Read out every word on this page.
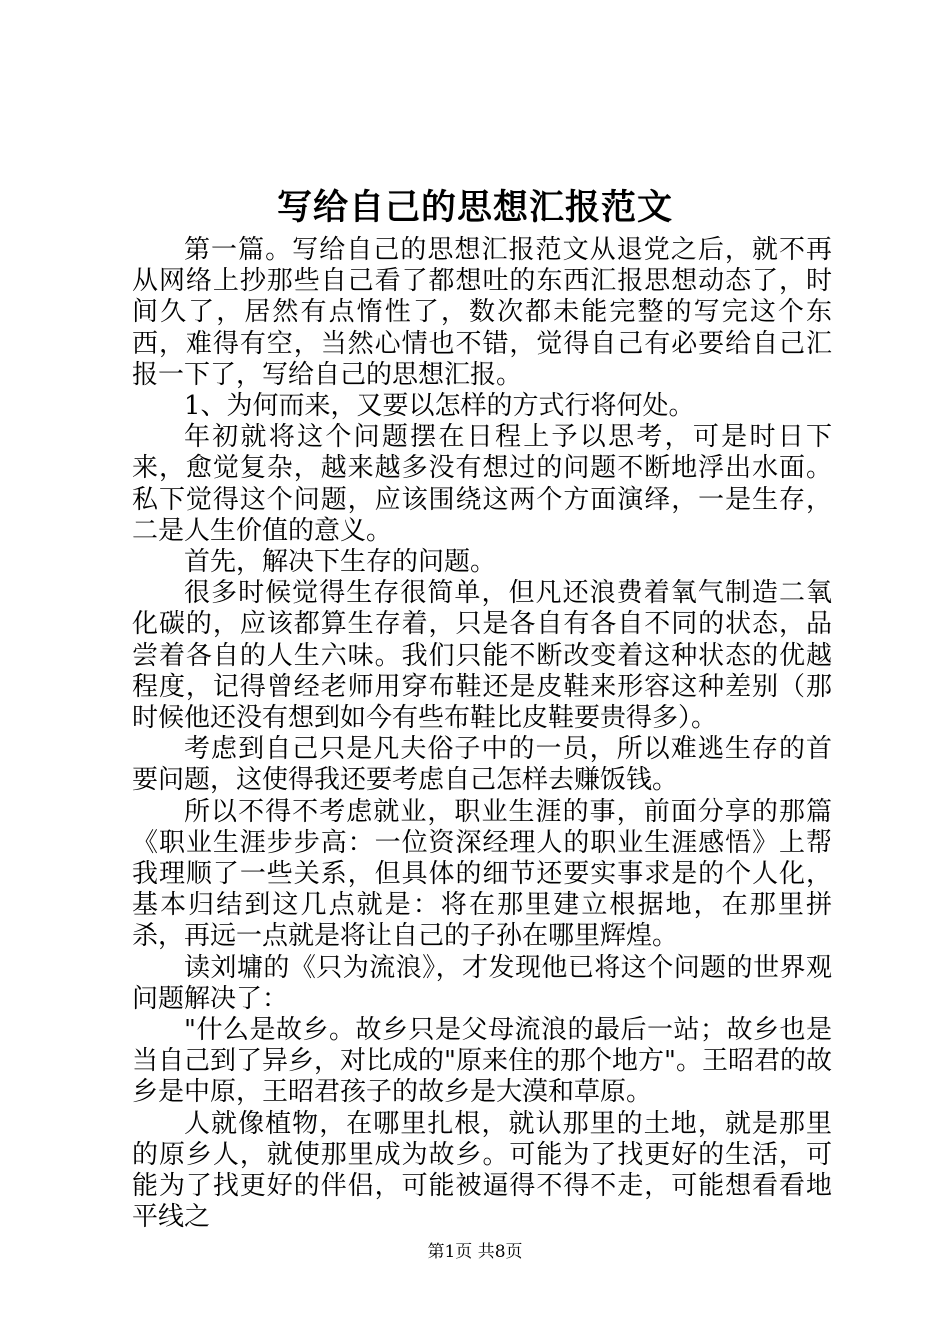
写给自己的思想汇报范文

第一篇。写给自己的思想汇报范文从退党之后，就不再从网络上抄那些自己看了都想吐的东西汇报思想动态了，时间久了，居然有点惰性了，数次都未能完整的写完这个东西，难得有空，当然心情也不错，觉得自己有必要给自己汇报一下了，写给自己的思想汇报。

1、为何而来，又要以怎样的方式行将何处。

年初就将这个问题摆在日程上予以思考，可是时日下来，愈觉复杂，越来越多没有想过的问题不断地浮出水面。私下觉得这个问题，应该围绕这两个方面演绎，一是生存，二是人生价值的意义。

首先，解决下生存的问题。

很多时候觉得生存很简单，但凡还浪费着氧气制造二氧化碳的，应该都算生存着，只是各自有各自不同的状态，品尝着各自的人生六味。我们只能不断改变着这种状态的优越程度，记得曾经老师用穿布鞋还是皮鞋来形容这种差别（那时候他还没有想到如今有些布鞋比皮鞋要贵得多）。

考虑到自己只是凡夫俗子中的一员，所以难逃生存的首要问题，这使得我还要考虑自己怎样去赚饭钱。

所以不得不考虑就业，职业生涯的事，前面分享的那篇《职业生涯步步高：一位资深经理人的职业生涯感悟》上帮我理顺了一些关系，但具体的细节还要实事求是的个人化，基本归结到这几点就是：将在那里建立根据地，在那里拼杀，再远一点就是将让自己的子孙在哪里辉煌。

读刘墉的《只为流浪》，才发现他已将这个问题的世界观问题解决了：

"什么是故乡。故乡只是父母流浪的最后一站；故乡也是当自己到了异乡，对比成的"原来住的那个地方"。王昭君的故乡是中原，王昭君孩子的故乡是大漠和草原。

人就像植物，在哪里扎根，就认那里的土地，就是那里的原乡人，就使那里成为故乡。可能为了找更好的生活，可能为了找更好的伴侣，可能被逼得不得不走，可能想看看地平线之

第1页 共8页
